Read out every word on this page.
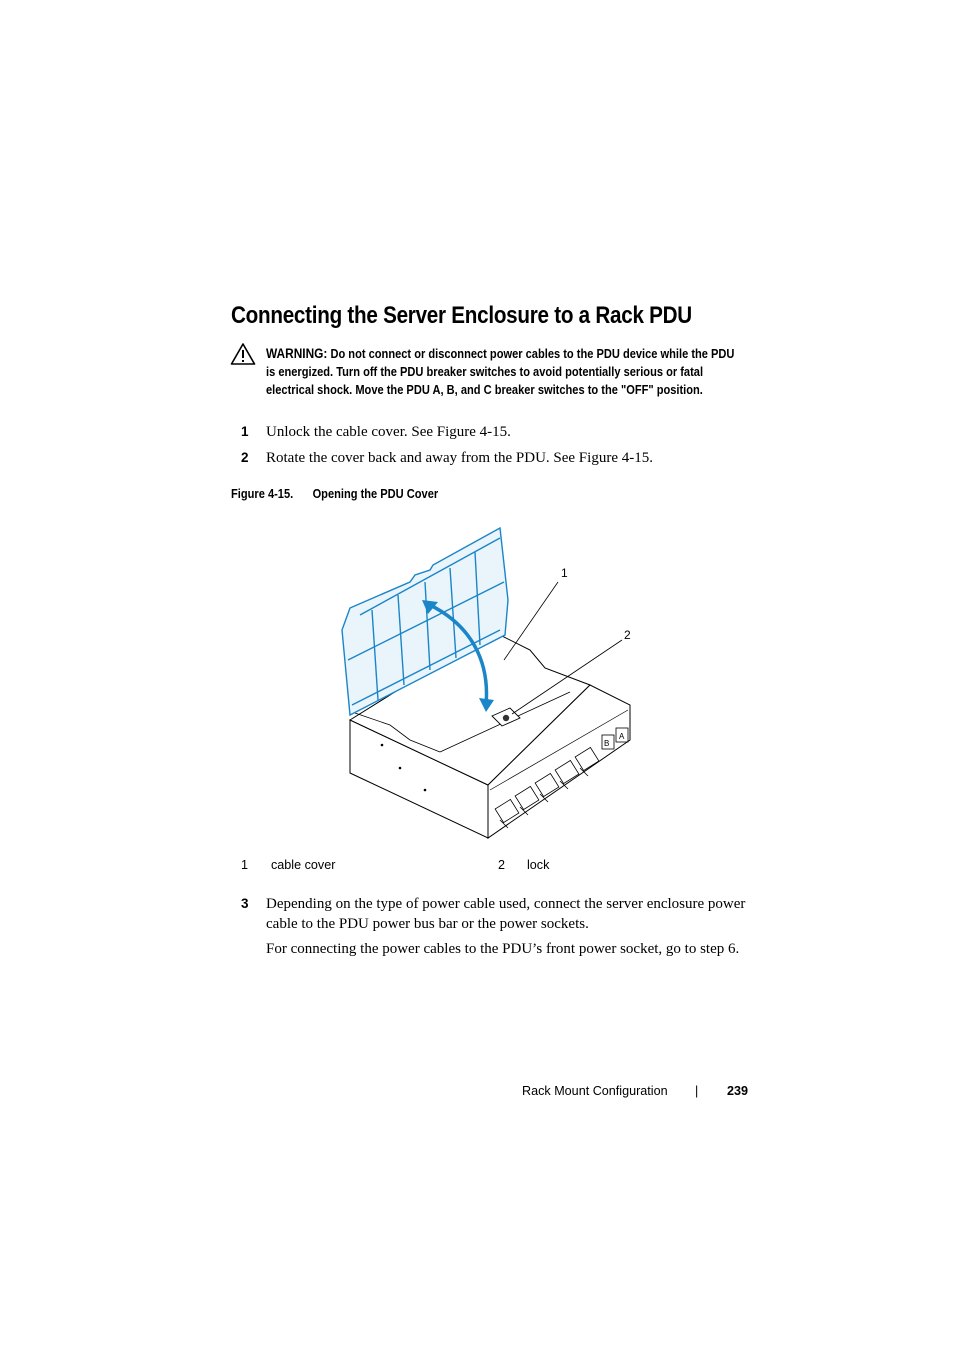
Connecting the Server Enclosure to a Rack PDU
WARNING: Do not connect or disconnect power cables to the PDU device while the PDU is energized. Turn off the PDU breaker switches to avoid potentially serious or fatal electrical shock. Move the PDU A, B, and C breaker switches to the "OFF" position.
1 Unlock the cable cover. See Figure 4-15.
2 Rotate the cover back and away from the PDU. See Figure 4-15.
Figure 4-15. Opening the PDU Cover
B
A
1
2
1 cable cover	2 lock
3 Depending on the type of power cable used, connect the server enclosure power cable to the PDU power bus bar or the power sockets.
For connecting the power cables to the PDU’s front power socket, go to step 6.
Rack Mount Configuration | 239
